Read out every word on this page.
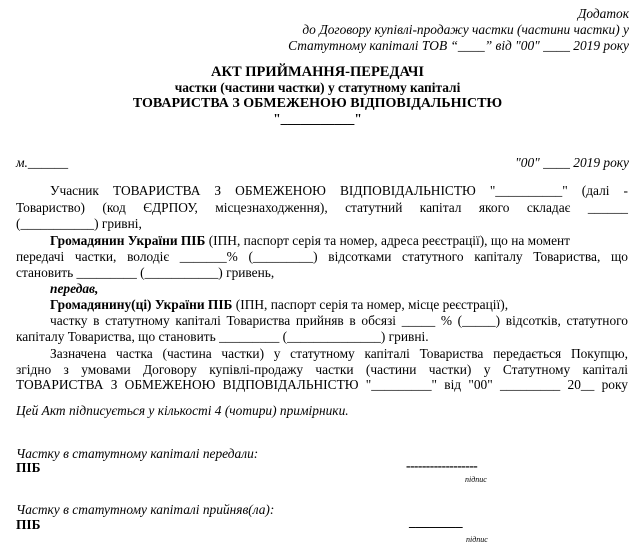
Додаток
до Договору купівлі-продажу частки (частини частки) у
Статутному капіталі ТОВ “____” від "00" ____ 2019 року
АКТ ПРИЙМАННЯ-ПЕРЕДАЧІ
частки (частини частки) у статутному капіталі
ТОВАРИСТВА З ОБМЕЖЕНОЮ ВІДПОВІДАЛЬНІСТЮ
"___________"
м.______	"00" ____ 2019 року
Учасник ТОВАРИСТВА З ОБМЕЖЕНОЮ ВІДПОВІДАЛЬНІСТЮ "__________" (далі -
Товариство) (код ЄДРПОУ, місцезнаходження), статутний капітал якого складає ______
(___________) гривні,
Громадянин України ПІБ (ІПН, паспорт серія та номер, адреса реєстрації), що на момент
передачі частки, володіє _______% (_________) відсотками статутного капіталу Товариства, що
становить _________ (___________) гривень,
передав,
Громадянину(ці) України ПІБ (ІПН, паспорт серія та номер, місце реєстрації),
частку в статутному капіталі Товариства прийняв в обсязі _____ % (_____) відсотків, статутного
капіталу Товариства, що становить _________ (______________) гривні.
Зазначена частка (частина частки) у статутному капіталі Товариства передається Покупцю,
згідно з умовами Договору купівлі-продажу частки (частини частки) у Статутному капіталі
ТОВАРИСТВА З ОБМЕЖЕНОЮ ВІДПОВІДАЛЬНІСТЮ "_________" від "00" _________ 20__ року
Цей Акт підписується у кількості 4 (чотири) примірники.
Частку в статутному капіталі передали:
ПІБ	------------------
підпис
Частку в статутному капіталі прийняв(ла):
ПІБ	________
підпис
